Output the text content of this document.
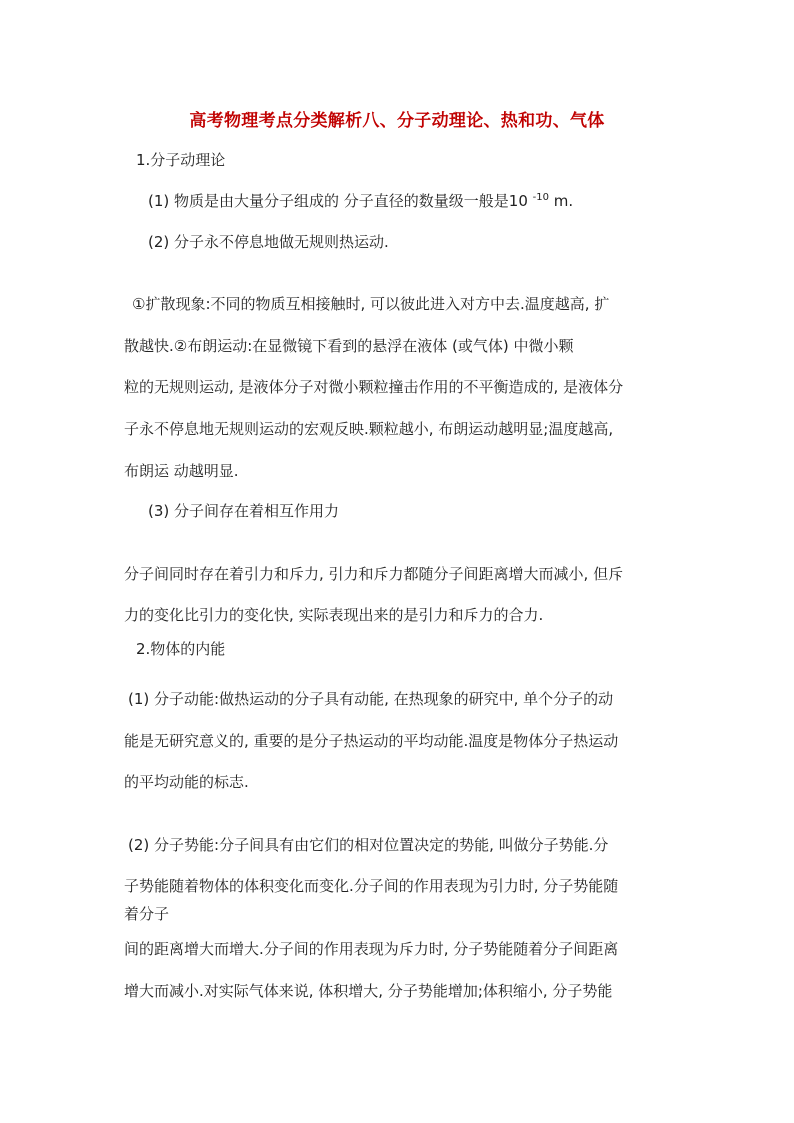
高考物理考点分类解析八、分子动理论、热和功、气体
1.分子动理论
(1) 物质是由大量分子组成的 分子直径的数量级一般是10 $^{-10}$ m.
(2) 分子永不停息地做无规则热运动.
①扩散现象:不同的物质互相接触时, 可以彼此进入对方中去.温度越高, 扩
散越快.②布朗运动:在显微镜下看到的悬浮在液体 (或气体) 中微小颗
粒的无规则运动, 是液体分子对微小颗粒撞击作用的不平衡造成的, 是液体分
子永不停息地无规则运动的宏观反映.颗粒越小, 布朗运动越明显;温度越高,
布朗运 动越明显.
(3) 分子间存在着相互作用力
分子间同时存在着引力和斥力, 引力和斥力都随分子间距离增大而减小, 但斥
力的变化比引力的变化快, 实际表现出来的是引力和斥力的合力.
2.物体的内能
(1) 分子动能:做热运动的分子具有动能, 在热现象的研究中, 单个分子的动
能是无研究意义的, 重要的是分子热运动的平均动能.温度是物体分子热运动
的平均动能的标志.
(2) 分子势能:分子间具有由它们的相对位置决定的势能, 叫做分子势能.分
子势能随着物体的体积变化而变化.分子间的作用表现为引力时, 分子势能随
着分子
间的距离增大而增大.分子间的作用表现为斥力时, 分子势能随着分子间距离
增大而减小.对实际气体来说, 体积增大, 分子势能增加;体积缩小, 分子势能
